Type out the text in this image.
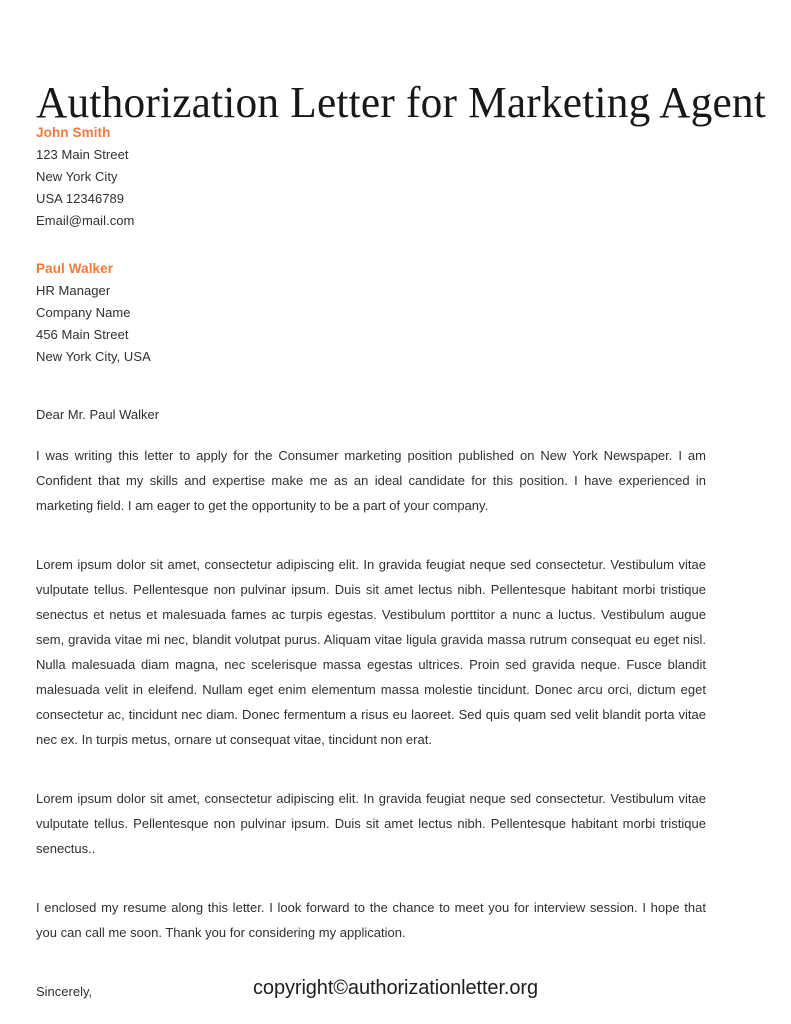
Authorization Letter for Marketing Agent
John Smith
123 Main Street
New York City
USA 12346789
Email@mail.com
Paul Walker
HR Manager
Company Name
456 Main Street
New York City, USA
Dear Mr. Paul Walker

I was writing this letter to apply for the Consumer marketing position published on New York Newspaper. I am Confident that my skills and expertise make me as an ideal candidate for this position. I have experienced in marketing field. I am eager to get the opportunity to be a part of your company.

Lorem ipsum dolor sit amet, consectetur adipiscing elit. In gravida feugiat neque sed consectetur. Vestibulum vitae vulputate tellus. Pellentesque non pulvinar ipsum. Duis sit amet lectus nibh. Pellentesque habitant morbi tristique senectus et netus et malesuada fames ac turpis egestas. Vestibulum porttitor a nunc a luctus. Vestibulum augue sem, gravida vitae mi nec, blandit volutpat purus. Aliquam vitae ligula gravida massa rutrum consequat eu eget nisl. Nulla malesuada diam magna, nec scelerisque massa egestas ultrices. Proin sed gravida neque. Fusce blandit malesuada velit in eleifend. Nullam eget enim elementum massa molestie tincidunt. Donec arcu orci, dictum eget consectetur ac, tincidunt nec diam. Donec fermentum a risus eu laoreet. Sed quis quam sed velit blandit porta vitae nec ex. In turpis metus, ornare ut consequat vitae, tincidunt non erat.

Lorem ipsum dolor sit amet, consectetur adipiscing elit. In gravida feugiat neque sed consectetur. Vestibulum vitae vulputate tellus. Pellentesque non pulvinar ipsum. Duis sit amet lectus nibh. Pellentesque habitant morbi tristique senectus..

I enclosed my resume along this letter. I look forward to the chance to meet you for interview session. I hope that you can call me soon. Thank you for considering my application.

Sincerely,	copyright©authorizationletter.org
